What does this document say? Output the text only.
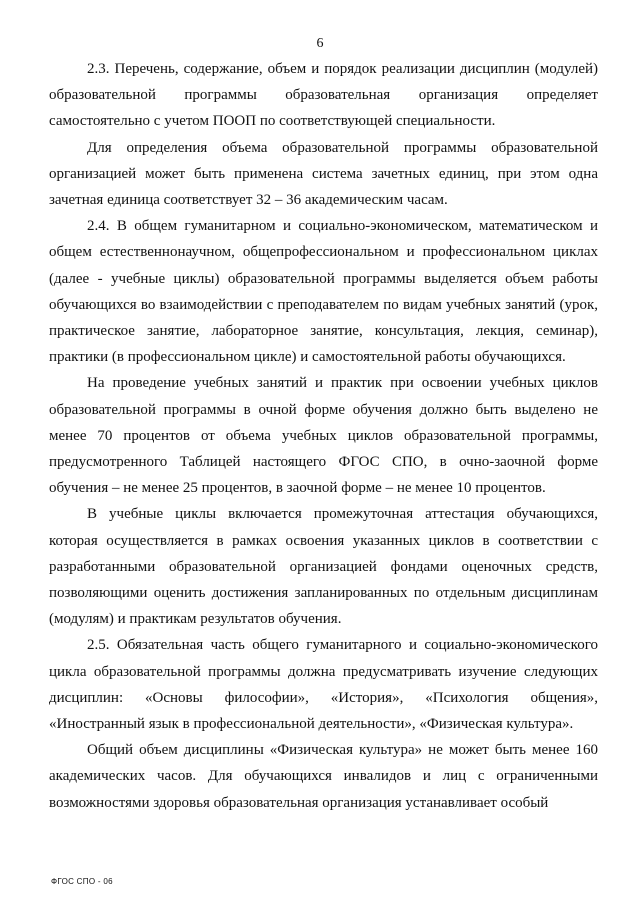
6

2.3. Перечень, содержание, объем и порядок реализации дисциплин (модулей) образовательной программы образовательная организация определяет самостоятельно с учетом ПООП по соответствующей специальности.

Для определения объема образовательной программы образовательной организацией может быть применена система зачетных единиц, при этом одна зачетная единица соответствует 32 – 36 академическим часам.

2.4. В общем гуманитарном и социально-экономическом, математическом и общем естественнонаучном, общепрофессиональном и профессиональном циклах (далее - учебные циклы) образовательной программы выделяется объем работы обучающихся во взаимодействии с преподавателем по видам учебных занятий (урок, практическое занятие, лабораторное занятие, консультация, лекция, семинар), практики (в профессиональном цикле) и самостоятельной работы обучающихся.

На проведение учебных занятий и практик при освоении учебных циклов образовательной программы в очной форме обучения должно быть выделено не менее 70 процентов от объема учебных циклов образовательной программы, предусмотренного Таблицей настоящего ФГОС СПО, в очно-заочной форме обучения – не менее 25 процентов, в заочной форме – не менее 10 процентов.

В учебные циклы включается промежуточная аттестация обучающихся, которая осуществляется в рамках освоения указанных циклов в соответствии с разработанными образовательной организацией фондами оценочных средств, позволяющими оценить достижения запланированных по отдельным дисциплинам (модулям) и практикам результатов обучения.

2.5. Обязательная часть общего гуманитарного и социально-экономического цикла образовательной программы должна предусматривать изучение следующих дисциплин: «Основы философии», «История», «Психология общения», «Иностранный язык в профессиональной деятельности», «Физическая культура».

Общий объем дисциплины «Физическая культура» не может быть менее 160 академических часов. Для обучающихся инвалидов и лиц с ограниченными возможностями здоровья образовательная организация устанавливает особый

ФГОС СПО - 06
